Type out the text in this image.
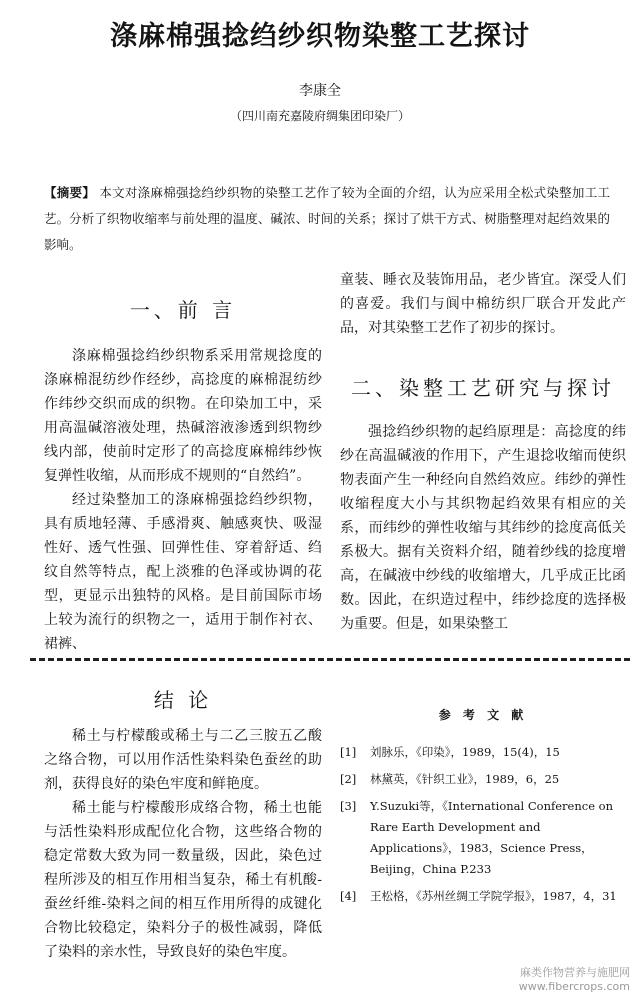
涤麻棉强捻绉纱织物染整工艺探讨
李康全
（四川南充嘉陵府绸集团印染厂）
【摘要】 本文对涤麻棉强捻绉纱织物的染整工艺作了较为全面的介绍，认为应采用全松式染整加工工艺。分析了织物收缩率与前处理的温度、碱浓、时间的关系；探讨了烘干方式、树脂整理对起绉效果的影响。
一、前 言

涤麻棉强捻绉纱织物系采用常规捻度的涤麻棉混纺纱作经纱，高捻度的麻棉混纺纱作纬纱交织而成的织物。在印染加工中，采用高温碱溶液处理，热碱溶液渗透到织物纱线内部，使前时定形了的高捻度麻棉纬纱恢复弹性收缩，从而形成不规则的“自然绉”。

经过染整加工的涤麻棉强捻绉纱织物，具有质地轻薄、手感滑爽、触感爽快、吸湿性好、透气性强、回弹性佳、穿着舒适、绉纹自然等特点，配上淡雅的色泽或协调的花型，更显示出独特的风格。是目前国际市场上较为流行的织物之一，适用于制作衬衣、裙裤、

童装、睡衣及装饰用品，老少皆宜。深受人们的喜爱。我们与阆中棉纺织厂联合开发此产品，对其染整工艺作了初步的探讨。

二、染整工艺研究与探讨

强捻绉纱织物的起绉原理是：高捻度的纬纱在高温碱液的作用下，产生退捻收缩而使织物表面产生一种经向自然绉效应。纬纱的弹性收缩程度大小与其织物起绉效果有相应的关系，而纬纱的弹性收缩与其纬纱的捻度高低关系极大。据有关资料介绍，随着纱线的捻度增高，在碱液中纱线的收缩增大，几乎成正比函数。因此，在织造过程中，纬纱捻度的选择极为重要。但是，如果染整工

结 论

稀土与柠檬酸或稀土与二乙三胺五乙酸之络合物，可以用作活性染料染色蚕丝的助剂，获得良好的染色牢度和鲜艳度。

稀土能与柠檬酸形成络合物，稀土也能与活性染料形成配位化合物，这些络合物的稳定常数大致为同一数量级，因此，染色过程所涉及的相互作用相当复杂，稀土有机酸-蚕丝纤维-染料之间的相互作用所得的成键化合物比较稳定，染料分子的极性减弱，降低了染料的亲水性，导致良好的染色牢度。

参 考 文 献
[1] 刘脉乐，《印染》，1989，15(4)，15
[2] 林黛英，《针织工业》，1989，6，25
[3] Y.Suzuki等，《International Conference on Rare Earth Development and Applications》，1983，Science Press，Beijing，China P.233
[4] 王松格，《苏州丝绸工学院学报》，1987，4，31
麻类作物营养与施肥网
www.fibercrops.com
